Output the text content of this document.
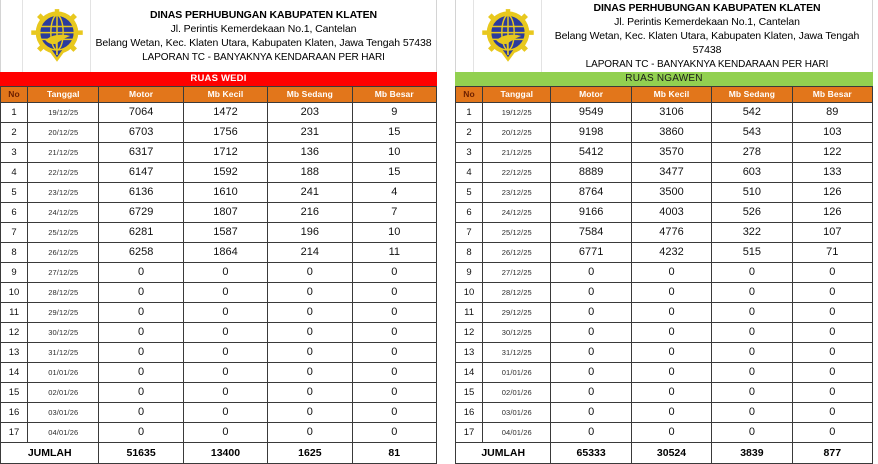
DINAS PERHUBUNGAN KABUPATEN KLATEN
Jl. Perintis Kemerdekaan No.1, Cantelan
Belang Wetan, Kec. Klaten Utara, Kabupaten Klaten, Jawa Tengah 57438
LAPORAN TC - BANYAKNYA KENDARAAN PER HARI
RUAS WEDI
No	Tanggal	Motor	Mb Kecil	Mb Sedang	Mb Besar
1	19/12/25	7064	1472	203	9
2	20/12/25	6703	1756	231	15
3	21/12/25	6317	1712	136	10
4	22/12/25	6147	1592	188	15
5	23/12/25	6136	1610	241	4
6	24/12/25	6729	1807	216	7
7	25/12/25	6281	1587	196	10
8	26/12/25	6258	1864	214	11
9	27/12/25	0	0	0	0
10	28/12/25	0	0	0	0
11	29/12/25	0	0	0	0
12	30/12/25	0	0	0	0
13	31/12/25	0	0	0	0
14	01/01/26	0	0	0	0
15	02/01/26	0	0	0	0
16	03/01/26	0	0	0	0
17	04/01/26	0	0	0	0
JUMLAH		51635	13400	1625	81
DINAS PERHUBUNGAN KABUPATEN KLATEN
Jl. Perintis Kemerdekaan No.1, Cantelan
Belang Wetan, Kec. Klaten Utara, Kabupaten Klaten, Jawa Tengah
57438
LAPORAN TC - BANYAKNYA KENDARAAN PER HARI
RUAS NGAWEN
No	Tanggal	Motor	Mb Kecil	Mb Sedang	Mb Besar
1	19/12/25	9549	3106	542	89
2	20/12/25	9198	3860	543	103
3	21/12/25	5412	3570	278	122
4	22/12/25	8889	3477	603	133
5	23/12/25	8764	3500	510	126
6	24/12/25	9166	4003	526	126
7	25/12/25	7584	4776	322	107
8	26/12/25	6771	4232	515	71
9	27/12/25	0	0	0	0
10	28/12/25	0	0	0	0
11	29/12/25	0	0	0	0
12	30/12/25	0	0	0	0
13	31/12/25	0	0	0	0
14	01/01/26	0	0	0	0
15	02/01/26	0	0	0	0
16	03/01/26	0	0	0	0
17	04/01/26	0	0	0	0
JUMLAH		65333	30524	3839	877
